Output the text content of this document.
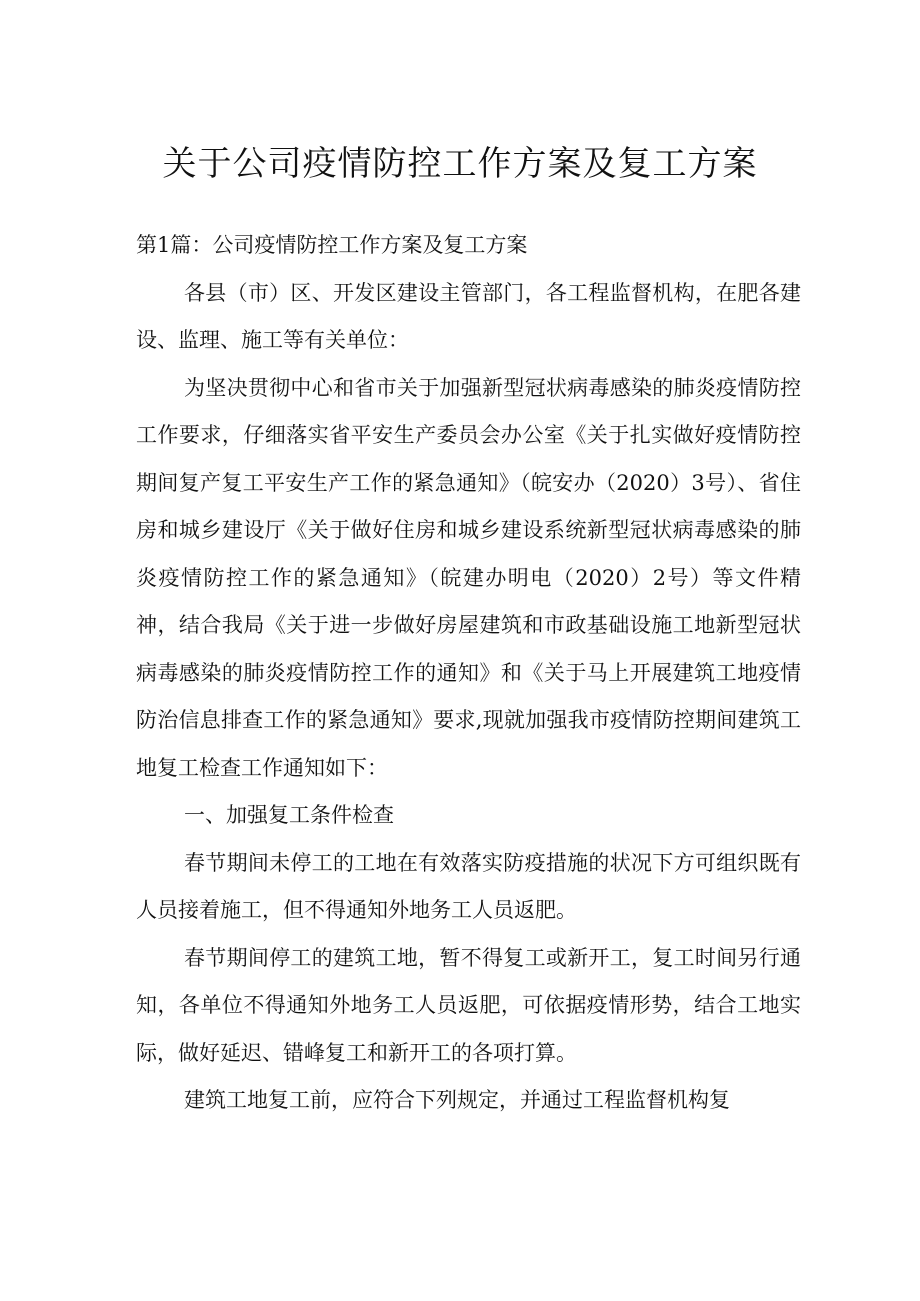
关于公司疫情防控工作方案及复工方案

第1篇：公司疫情防控工作方案及复工方案

各县（市）区、开发区建设主管部门，各工程监督机构，在肥各建设、监理、施工等有关单位：

为坚决贯彻中心和省市关于加强新型冠状病毒感染的肺炎疫情防控工作要求，仔细落实省平安生产委员会办公室《关于扎实做好疫情防控期间复产复工平安生产工作的紧急通知》（皖安办（2020）3号）、省住房和城乡建设厅《关于做好住房和城乡建设系统新型冠状病毒感染的肺炎疫情防控工作的紧急通知》（皖建办明电（2020）2号）等文件精神，结合我局《关于进一步做好房屋建筑和市政基础设施工地新型冠状病毒感染的肺炎疫情防控工作的通知》和《关于马上开展建筑工地疫情防治信息排查工作的紧急通知》要求,现就加强我市疫情防控期间建筑工地复工检查工作通知如下：

一、加强复工条件检查

春节期间未停工的工地在有效落实防疫措施的状况下方可组织既有人员接着施工，但不得通知外地务工人员返肥。

春节期间停工的建筑工地，暂不得复工或新开工，复工时间另行通知，各单位不得通知外地务工人员返肥，可依据疫情形势，结合工地实际，做好延迟、错峰复工和新开工的各项打算。

建筑工地复工前，应符合下列规定，并通过工程监督机构复
